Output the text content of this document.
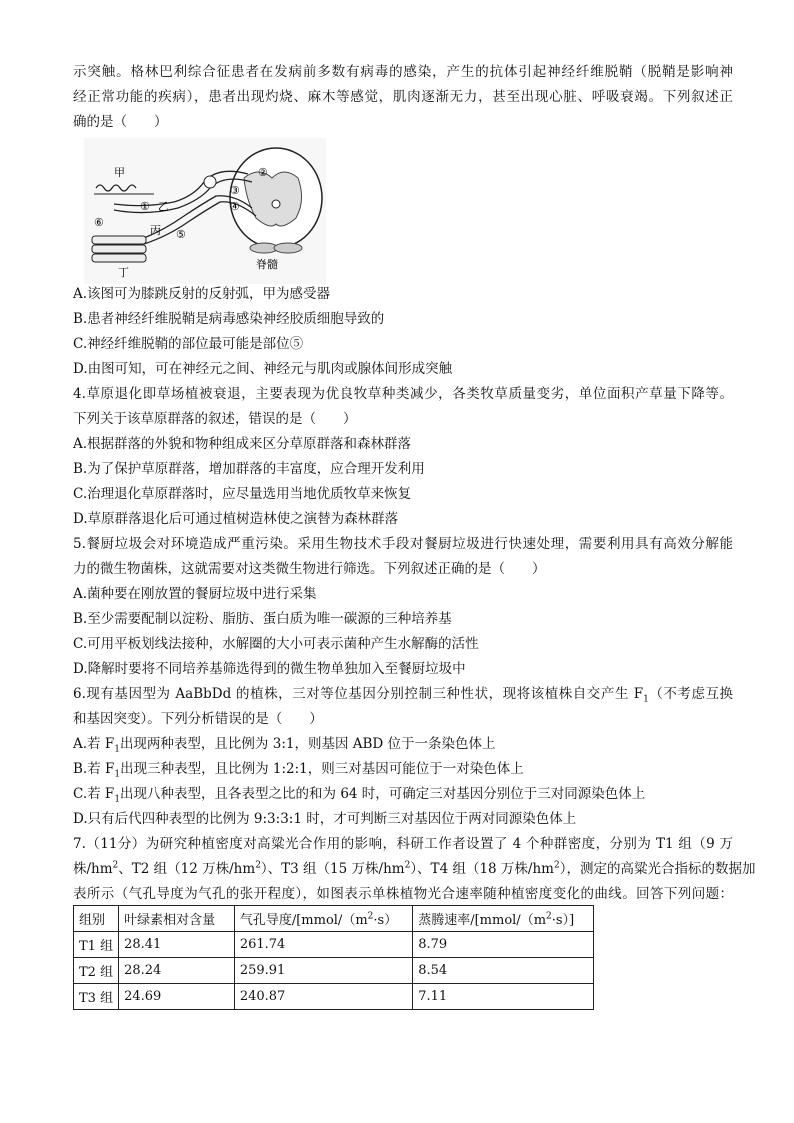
示突触。格林巴利综合征患者在发病前多数有病毒的感染，产生的抗体引起神经纤维脱鞘（脱鞘是影响神
经正常功能的疾病），患者出现灼烧、麻木等感觉，肌肉逐渐无力，甚至出现心脏、呼吸衰竭。下列叙述正
确的是（　　）
甲
乙
丙
丁
脊髓
①
②
③
④
⑤
⑥
A.该图可为膝跳反射的反射弧，甲为感受器
B.患者神经纤维脱鞘是病毒感染神经胶质细胞导致的
C.神经纤维脱鞘的部位最可能是部位⑤
D.由图可知，可在神经元之间、神经元与肌肉或腺体间形成突触
4.草原退化即草场植被衰退，主要表现为优良牧草种类减少，各类牧草质量变劣，单位面积产草量下降等。
下列关于该草原群落的叙述，错误的是（　　）
A.根据群落的外貌和物种组成来区分草原群落和森林群落
B.为了保护草原群落，增加群落的丰富度，应合理开发利用
C.治理退化草原群落时，应尽量选用当地优质牧草来恢复
D.草原群落退化后可通过植树造林使之演替为森林群落
5.餐厨垃圾会对环境造成严重污染。采用生物技术手段对餐厨垃圾进行快速处理，需要利用具有高效分解能
力的微生物菌株，这就需要对这类微生物进行筛选。下列叙述正确的是（　　）
A.菌种要在刚放置的餐厨垃圾中进行采集
B.至少需要配制以淀粉、脂肪、蛋白质为唯一碳源的三种培养基
C.可用平板划线法接种，水解圈的大小可表示菌种产生水解酶的活性
D.降解时要将不同培养基筛选得到的微生物单独加入至餐厨垃圾中
6.现有基因型为 AaBbDd 的植株，三对等位基因分别控制三种性状，现将该植株自交产生 $F_1$（不考虑互换
和基因突变）。下列分析错误的是（　　）
A.若 $F_1$出现两种表型，且比例为 3:1，则基因 ABD 位于一条染色体上
B.若 $F_1$出现三种表型，且比例为 1:2:1，则三对基因可能位于一对染色体上
C.若 $F_1$出现八种表型，且各表型之比的和为 64 时，可确定三对基因分别位于三对同源染色体上
D.只有后代四种表型的比例为 9:3:3:1 时，才可判断三对基因位于两对同源染色体上
7.（11分）为研究种植密度对高粱光合作用的影响，科研工作者设置了 4 个种群密度，分别为 T1 组（9 万
株$/hm^2$、T2 组（12 万株$/hm^2$）、T3 组（15 万株$/hm^2$）、T4 组（18 万株$/hm^2$），测定的高粱光合指标的数据加
表所示（气孔导度为气孔的张开程度），如图表示单株植物光合速率随种植密度变化的曲线。回答下列问题：
组别	叶绿素相对含量	气孔导度$/[mmol/(m^2\cdot s)$	蒸腾速率$/[mmol/(m^2\cdot s)]$
T1 组	28.41	261.74	8.79
T2 组	28.24	259.91	8.54
T3 组	24.69	240.87	7.11
